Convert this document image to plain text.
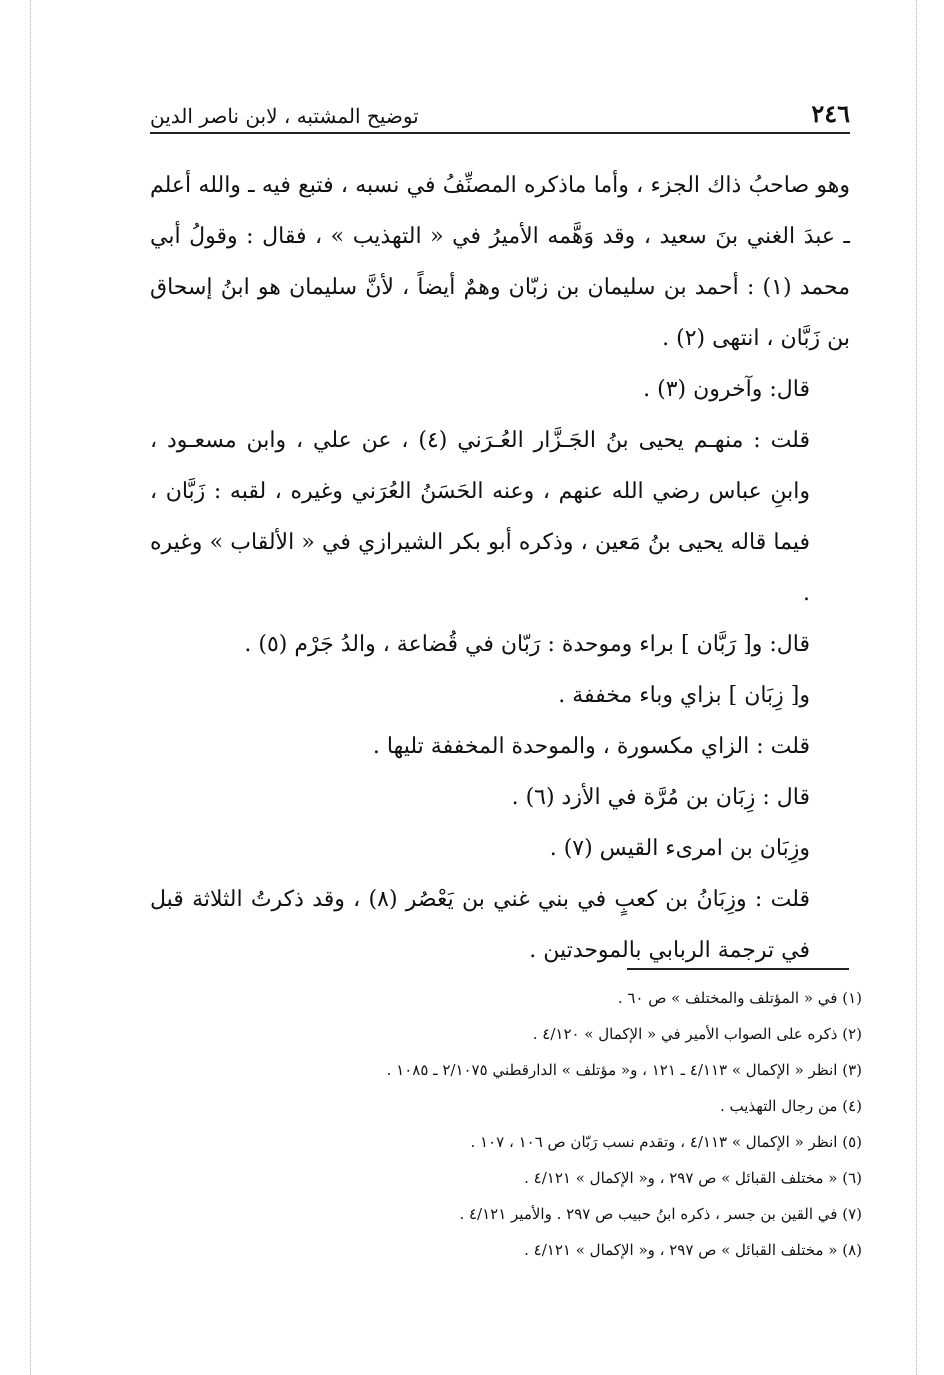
٢٤٦
توضيح المشتبه ، لابن ناصر الدين

وهو صاحبُ ذاك الجزء ، وأما ماذكره المصنِّفُ في نسبه ، فتبع فيه ـ والله أعلم ـ عبدَ الغني بنَ سعيد ، وقد وَهَّمه الأميرُ في « التهذيب » ، فقال : وقولُ أبي محمد (١) : أحمد بن سليمان بن زبّان وهمٌ أيضاً ، لأنَّ سليمان هو ابنُ إسحاق بن زَبَّان ، انتهى (٢) .

قال: وآخرون (٣) .

قلت : منهـم يحيى بنُ الجَـزَّار العُـرَني (٤) ، عن علي ، وابن مسعـود ، وابنِ عباس رضي الله عنهم ، وعنه الحَسَنُ العُرَني وغيره ، لقبه : زَبَّان ، فيما قاله يحيى بنُ مَعين ، وذكره أبو بكر الشيرازي في « الألقاب » وغيره .

قال: و[ رَبَّان ] براء وموحدة : رَبّان في قُضاعة ، والدُ جَرْم (٥) .

و[ زِبَان ] بزاي وباء مخففة .

قلت : الزاي مكسورة ، والموحدة المخففة تليها .

قال : زِبَان بن مُرَّة في الأزد (٦) .

وزِبَان بن امرىء القيس (٧) .

قلت : وزِبَانُ بن كعبٍ في بني غني بن يَعْصُر (٨) ، وقد ذكرتُ الثلاثة قبل في ترجمة الربابي بالموحدتين .

(١) في « المؤتلف والمختلف » ص ٦٠ .

(٢) ذكره على الصواب الأمير في « الإكمال » ٤/١٢٠ .

(٣) انظر « الإكمال » ٤/١١٣ ـ ١٢١ ، و« مؤتلف » الدارقطني ٢/١٠٧٥ ـ ١٠٨٥ .

(٤) من رجال التهذيب .

(٥) انظر « الإكمال » ٤/١١٣ ، وتقدم نسب رَبّان ص ١٠٦ ، ١٠٧ .

(٦) « مختلف القبائل » ص ٢٩٧ ، و« الإكمال » ٤/١٢١ .

(٧) في القين بن جسر ، ذكره ابنُ حبيب ص ٢٩٧ . والأمير ٤/١٢١ .

(٨) « مختلف القبائل » ص ٢٩٧ ، و« الإكمال » ٤/١٢١ .
